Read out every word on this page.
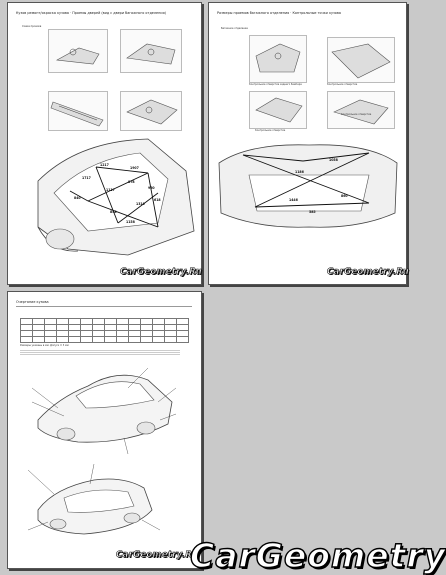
Кузов ремонт/окраска кузова · Проемы дверей (вид с двери багажного отделения)
Схема проемов
1717
1217
1907
878
1117
840
1319
848
1158
960
618
CarGeometry.Ru
Размеры проемов багажного отделения · Контрольные точки кузова
Багажное отделение
Контрольное отверстие заднего бампера	Контрольное отверстие
Контрольное отверстие
Контрольное отверстие
1186
1058
1446
585
860
CarGeometry.Ru
Очертание кузова

Размеры указаны в мм. Допуск ± 3 мм
CarGeometry.Ru
CarGeometry
